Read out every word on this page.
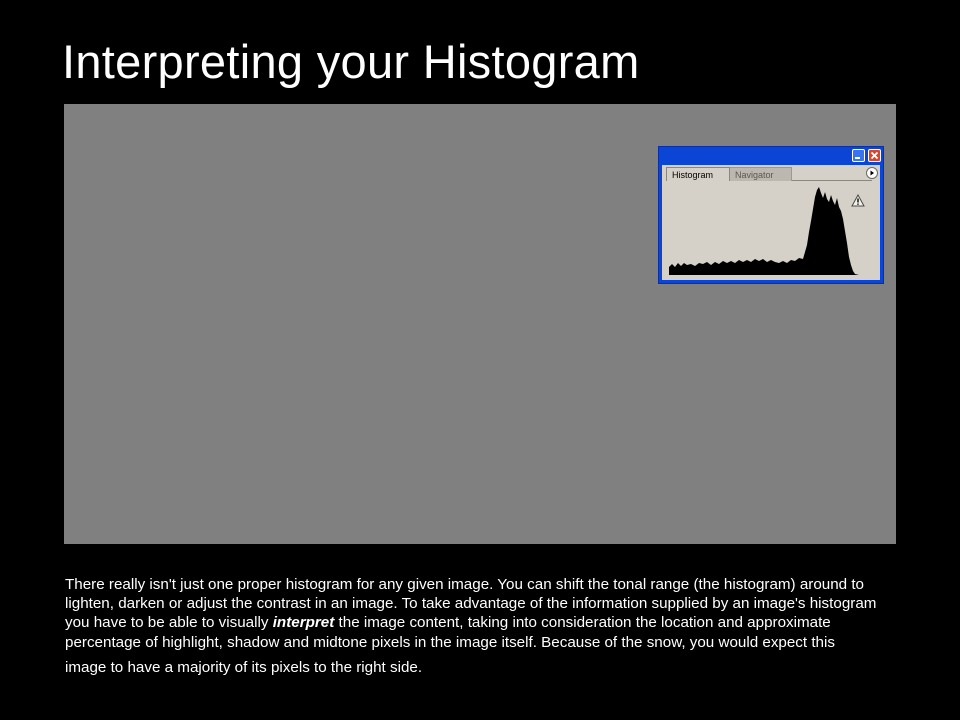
Interpreting your Histogram
Histogram	Navigator

There really isn't just one proper histogram for any given image. You can shift the tonal range (the histogram) around to lighten, darken or adjust the contrast in an image. To take advantage of the information supplied by an image's histogram you have to be able to visually interpret the image content, taking into consideration the location and approximate percentage of highlight, shadow and midtone pixels in the image itself. Because of the snow, you would expect this
image to have a majority of its pixels to the right side.
